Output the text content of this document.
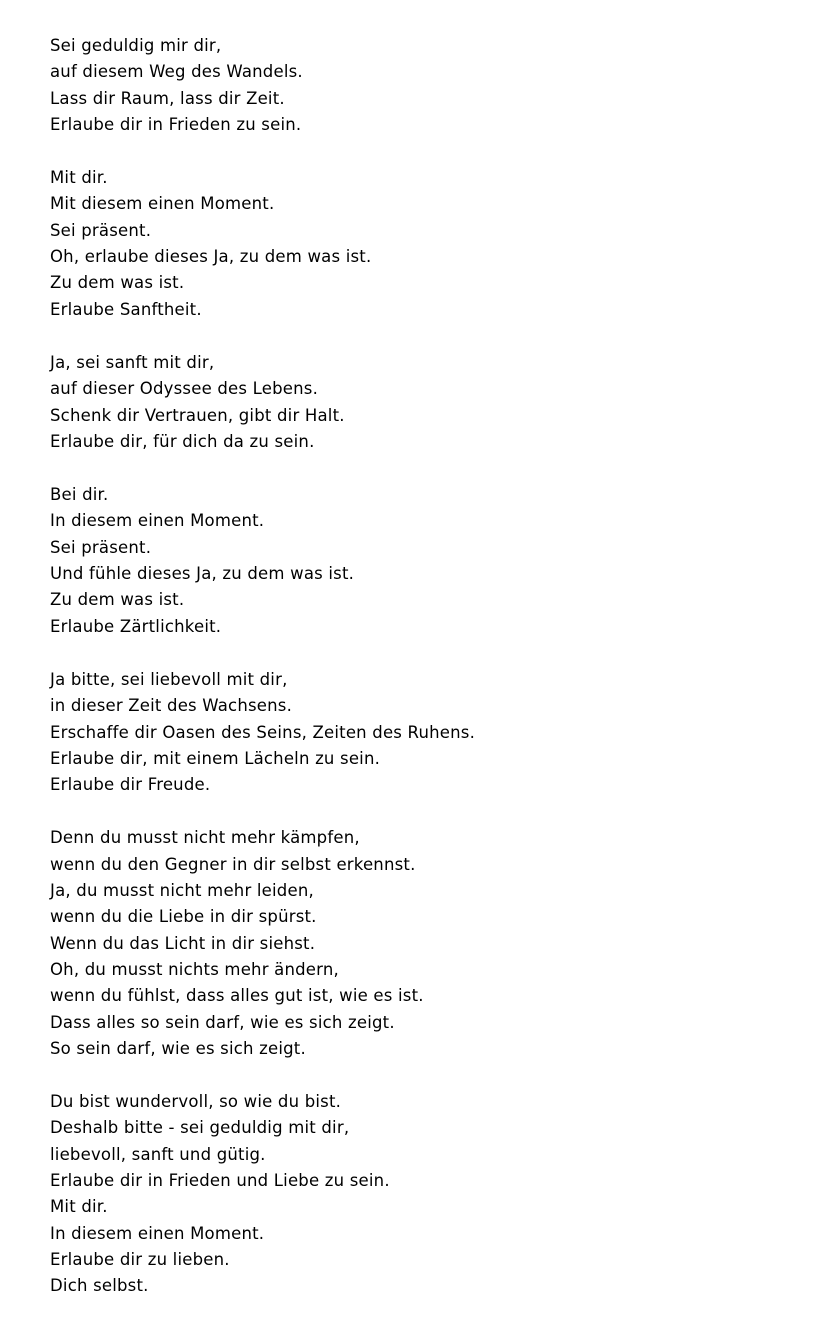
Sei geduldig mir dir,
auf diesem Weg des Wandels.
Lass dir Raum, lass dir Zeit.
Erlaube dir in Frieden zu sein.
Mit dir.
Mit diesem einen Moment.
Sei präsent.
Oh, erlaube dieses Ja, zu dem was ist.
Zu dem was ist.
Erlaube Sanftheit.
Ja, sei sanft mit dir,
auf dieser Odyssee des Lebens.
Schenk dir Vertrauen, gibt dir Halt.
Erlaube dir, für dich da zu sein.
Bei dir.
In diesem einen Moment.
Sei präsent.
Und fühle dieses Ja, zu dem was ist.
Zu dem was ist.
Erlaube Zärtlichkeit.
Ja bitte, sei liebevoll mit dir,
in dieser Zeit des Wachsens.
Erschaffe dir Oasen des Seins, Zeiten des Ruhens.
Erlaube dir, mit einem Lächeln zu sein.
Erlaube dir Freude.
Denn du musst nicht mehr kämpfen,
wenn du den Gegner in dir selbst erkennst.
Ja, du musst nicht mehr leiden,
wenn du die Liebe in dir spürst.
Wenn du das Licht in dir siehst.
Oh, du musst nichts mehr ändern,
wenn du fühlst, dass alles gut ist, wie es ist.
Dass alles so sein darf, wie es sich zeigt.
So sein darf, wie es sich zeigt.
Du bist wundervoll, so wie du bist.
Deshalb bitte - sei geduldig mit dir,
liebevoll, sanft und gütig.
Erlaube dir in Frieden und Liebe zu sein.
Mit dir.
In diesem einen Moment.
Erlaube dir zu lieben.
Dich selbst.
